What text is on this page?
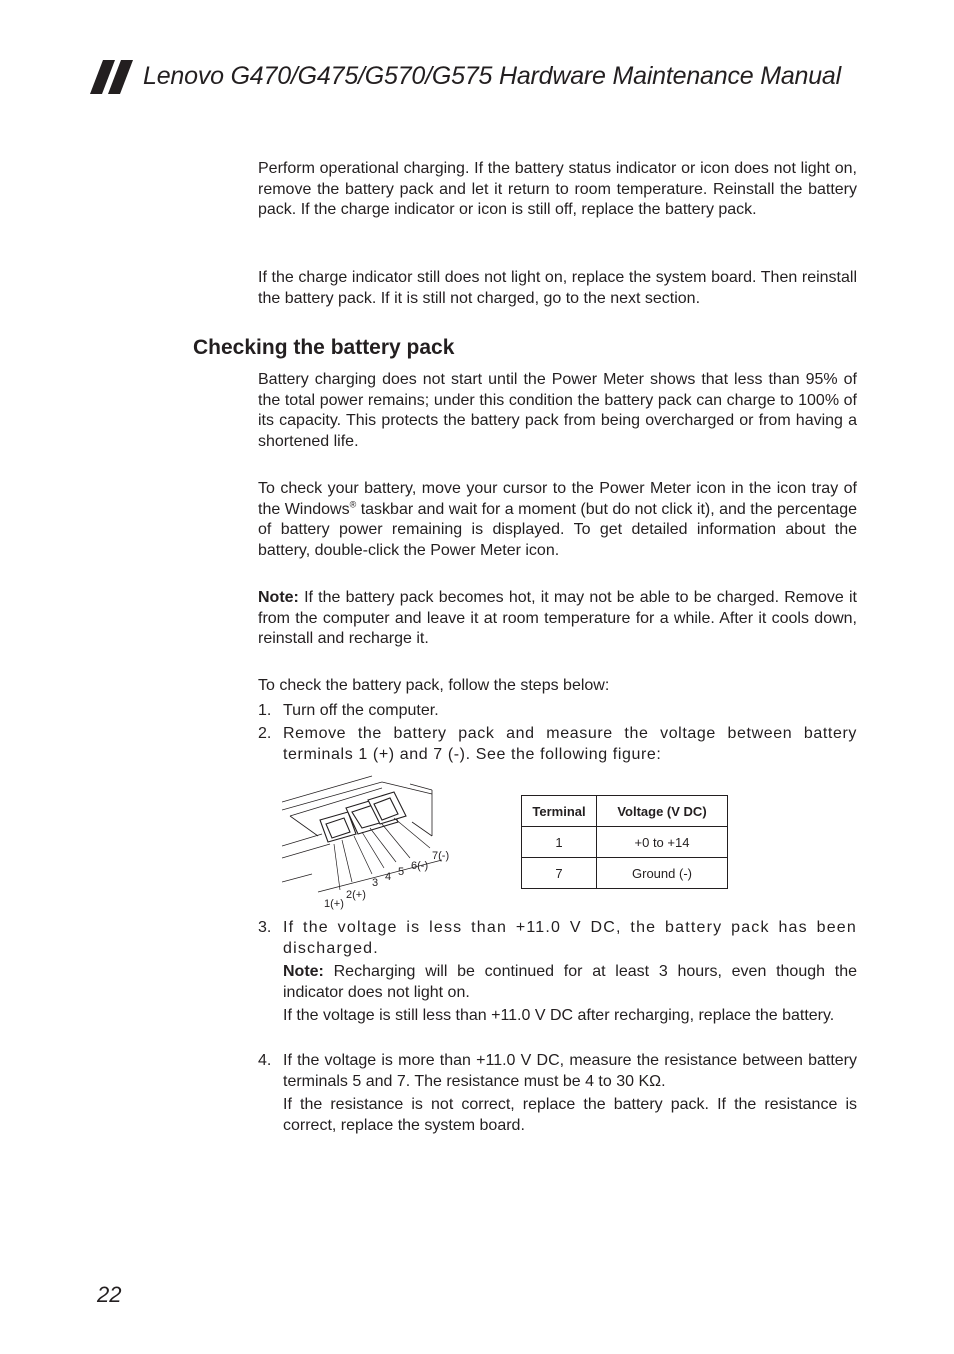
Lenovo G470/G475/G570/G575 Hardware Maintenance Manual

Perform operational charging. If the battery status indicator or icon does not light on, remove the battery pack and let it return to room temperature. Reinstall the battery pack. If the charge indicator or icon is still off, replace the battery pack.

If the charge indicator still does not light on, replace the system board. Then reinstall the battery pack. If it is still not charged, go to the next section.

Checking the battery pack

Battery charging does not start until the Power Meter shows that less than 95% of the total power remains; under this condition the battery pack can charge to 100% of its capacity. This protects the battery pack from being overcharged or from having a shortened life.

To check your battery, move your cursor to the Power Meter icon in the icon tray of the Windows® taskbar and wait for a moment (but do not click it), and the percentage of battery power remaining is displayed. To get detailed information about the battery, double-click the Power Meter icon.

Note: If the battery pack becomes hot, it may not be able to be charged. Remove it from the computer and leave it at room temperature for a while. After it cools down, reinstall and recharge it.

To check the battery pack, follow the steps below:

1. Turn off the computer.
2. Remove the battery pack and measure the voltage between battery terminals 1 (+) and 7 (-). See the following figure:
1(+)
2(+)
3 4 5 6(-)
7(-)
Terminal	Voltage (V DC)
1	+0 to +14
7	Ground (-)
3. If the voltage is less than +11.0 V DC, the battery pack has been discharged.
Note: Recharging will be continued for at least 3 hours, even though the indicator does not light on.
If the voltage is still less than +11.0 V DC after recharging, replace the battery.
4. If the voltage is more than +11.0 V DC, measure the resistance between battery terminals 5 and 7. The resistance must be 4 to 30 KΩ.
If the resistance is not correct, replace the battery pack. If the resistance is correct, replace the system board.
22
